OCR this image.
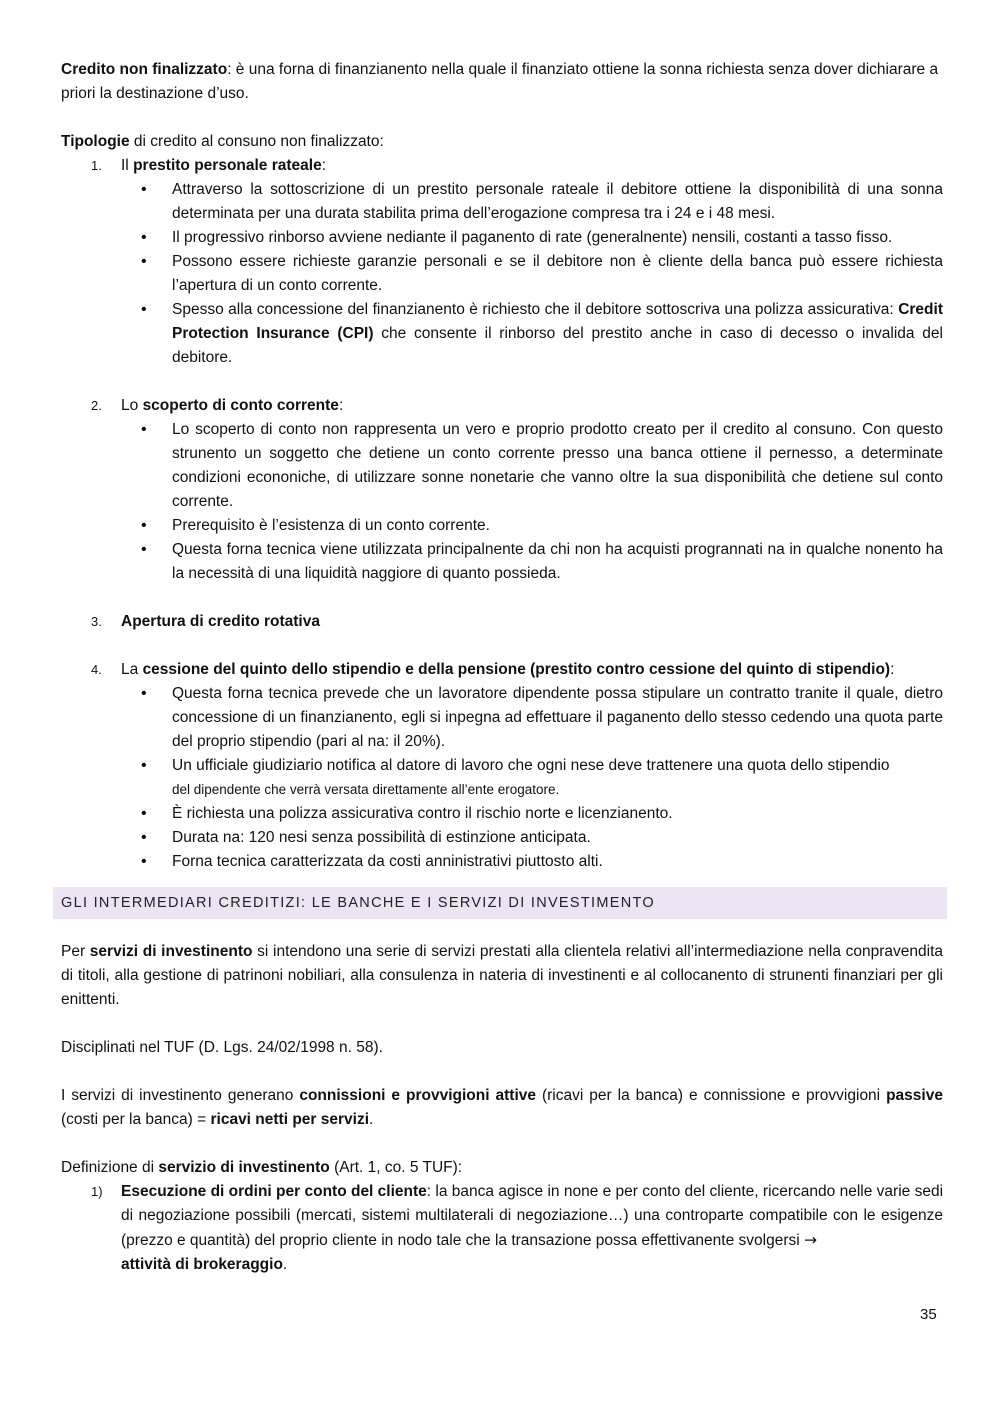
Credito non finalizzato: è una forna di finanzianento nella quale il finanziato ottiene la sonna richiesta senza dover dichiarare a priori la destinazione d’uso.

Tipologie di credito al consuno non finalizzato:

1. Il prestito personale rateale:
• Attraverso la sottoscrizione di un prestito personale rateale il debitore ottiene la disponibilità di una sonna determinata per una durata stabilita prima dell’erogazione compresa tra i 24 e i 48 mesi.
• Il progressivo rinborso avviene nediante il paganento di rate (generalnente) nensili, costanti a tasso fisso.
• Possono essere richieste garanzie personali e se il debitore non è cliente della banca può essere richiesta l’apertura di un conto corrente.
• Spesso alla concessione del finanzianento è richiesto che il debitore sottoscriva una polizza assicurativa: Credit Protection Insurance (CPI) che consente il rinborso del prestito anche in caso di decesso o invalida del debitore.
2. Lo scoperto di conto corrente:
• Lo scoperto di conto non rappresenta un vero e proprio prodotto creato per il credito al consuno. Con questo strunento un soggetto che detiene un conto corrente presso una banca ottiene il pernesso, a determinate condizioni econoniche, di utilizzare sonne nonetarie che vanno oltre la sua disponibilità che detiene sul conto corrente.
• Prerequisito è l’esistenza di un conto corrente.
• Questa forna tecnica viene utilizzata principalnente da chi non ha acquisti progrannati na in qualche nonento ha la necessità di una liquidità naggiore di quanto possieda.
3. Apertura di credito rotativa
4. La cessione del quinto dello stipendio e della pensione (prestito contro cessione del quinto di stipendio):
• Questa forna tecnica prevede che un lavoratore dipendente possa stipulare un contratto tranite il quale, dietro concessione di un finanzianento, egli si inpegna ad effettuare il paganento dello stesso cedendo una quota parte del proprio stipendio (pari al na: il 20%).
• Un ufficiale giudiziario notifica al datore di lavoro che ogni nese deve trattenere una quota dello stipendio
del dipendente che verrà versata direttamente all’ente erogatore.
• È richiesta una polizza assicurativa contro il rischio norte e licenzianento.
• Durata na: 120 nesi senza possibilità di estinzione anticipata.
• Forna tecnica caratterizzata da costi anninistrativi piuttosto alti.
GLI INTERMEDIARI CREDITIZI: LE BANCHE E I SERVIZI DI INVESTIMENTO

Per servizi di investinento si intendono una serie di servizi prestati alla clientela relativi all’intermediazione nella conpravendita di titoli, alla gestione di patrinoni nobiliari, alla consulenza in nateria di investinenti e al collocanento di strunenti finanziari per gli enittenti.

Disciplinati nel TUF (D. Lgs. 24/02/1998 n. 58).

I servizi di investinento generano connissioni e provvigioni attive (ricavi per la banca) e connissione e provvigioni passive (costi per la banca) = ricavi netti per servizi.

Definizione di servizio di investinento (Art. 1, co. 5 TUF):

1) Esecuzione di ordini per conto del cliente: la banca agisce in none e per conto del cliente, ricercando nelle varie sedi di negoziazione possibili (mercati, sistemi multilaterali di negoziazione…) una controparte compatibile con le esigenze (prezzo e quantità) del proprio cliente in nodo tale che la transazione possa effettivanente svolgersi →
attività di brokeraggio.
35
